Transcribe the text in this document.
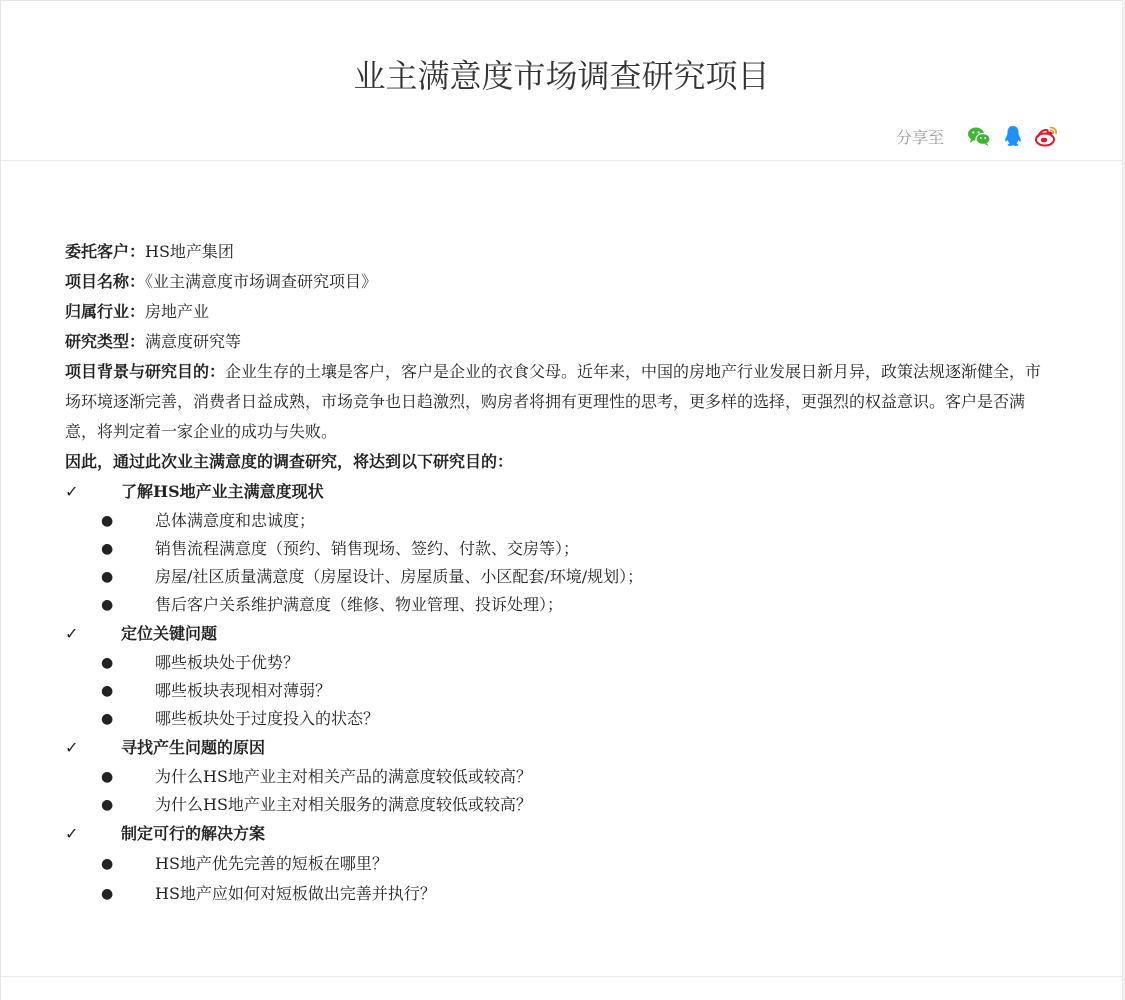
业主满意度市场调查研究项目
分享至
委托客户：HS地产集团
项目名称：《业主满意度市场调查研究项目》
归属行业：房地产业
研究类型：满意度研究等
项目背景与研究目的：企业生存的土壤是客户，客户是企业的衣食父母。近年来，中国的房地产行业发展日新月异，政策法规逐渐健全，市场环境逐渐完善，消费者日益成熟，市场竞争也日趋激烈，购房者将拥有更理性的思考，更多样的选择，更强烈的权益意识。客户是否满意，将判定着一家企业的成功与失败。
因此，通过此次业主满意度的调查研究，将达到以下研究目的：
✓	了解HS地产业主满意度现状
●	总体满意度和忠诚度；
●	销售流程满意度（预约、销售现场、签约、付款、交房等）；
●	房屋/社区质量满意度（房屋设计、房屋质量、小区配套/环境/规划）；
●	售后客户关系维护满意度（维修、物业管理、投诉处理）；
✓	定位关键问题
●	哪些板块处于优势？
●	哪些板块表现相对薄弱？
●	哪些板块处于过度投入的状态？
✓	寻找产生问题的原因
●	为什么HS地产业主对相关产品的满意度较低或较高？
●	为什么HS地产业主对相关服务的满意度较低或较高？
✓	制定可行的解决方案
●	HS地产优先完善的短板在哪里？
●	HS地产应如何对短板做出完善并执行？
